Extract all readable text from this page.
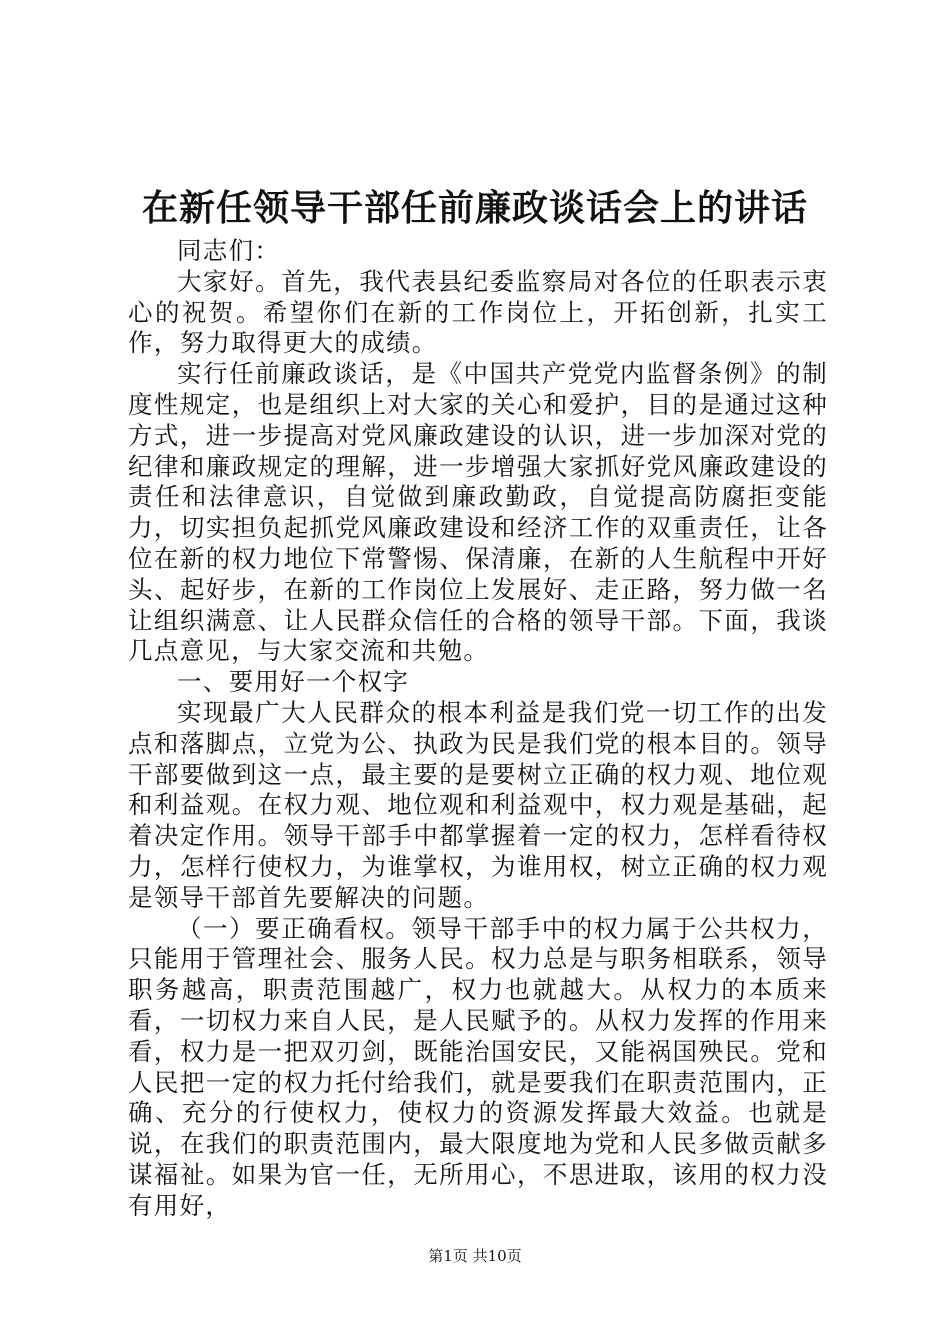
在新任领导干部任前廉政谈话会上的讲话

同志们：

大家好。首先，我代表县纪委监察局对各位的任职表示衷心的祝贺。希望你们在新的工作岗位上，开拓创新，扎实工作，努力取得更大的成绩。

实行任前廉政谈话，是《中国共产党党内监督条例》的制度性规定，也是组织上对大家的关心和爱护，目的是通过这种方式，进一步提高对党风廉政建设的认识，进一步加深对党的纪律和廉政规定的理解，进一步增强大家抓好党风廉政建设的责任和法律意识，自觉做到廉政勤政，自觉提高防腐拒变能力，切实担负起抓党风廉政建设和经济工作的双重责任，让各位在新的权力地位下常警惕、保清廉，在新的人生航程中开好头、起好步，在新的工作岗位上发展好、走正路，努力做一名让组织满意、让人民群众信任的合格的领导干部。下面，我谈几点意见，与大家交流和共勉。

一、要用好一个权字

实现最广大人民群众的根本利益是我们党一切工作的出发点和落脚点，立党为公、执政为民是我们党的根本目的。领导干部要做到这一点，最主要的是要树立正确的权力观、地位观和利益观。在权力观、地位观和利益观中，权力观是基础，起着决定作用。领导干部手中都掌握着一定的权力，怎样看待权力，怎样行使权力，为谁掌权，为谁用权，树立正确的权力观是领导干部首先要解决的问题。

（一）要正确看权。领导干部手中的权力属于公共权力，只能用于管理社会、服务人民。权力总是与职务相联系，领导职务越高，职责范围越广，权力也就越大。从权力的本质来看，一切权力来自人民，是人民赋予的。从权力发挥的作用来看，权力是一把双刃剑，既能治国安民，又能祸国殃民。党和人民把一定的权力托付给我们，就是要我们在职责范围内，正确、充分的行使权力，使权力的资源发挥最大效益。也就是说，在我们的职责范围内，最大限度地为党和人民多做贡献多谋福祉。如果为官一任，无所用心，不思进取，该用的权力没有用好，

第1页 共10页
